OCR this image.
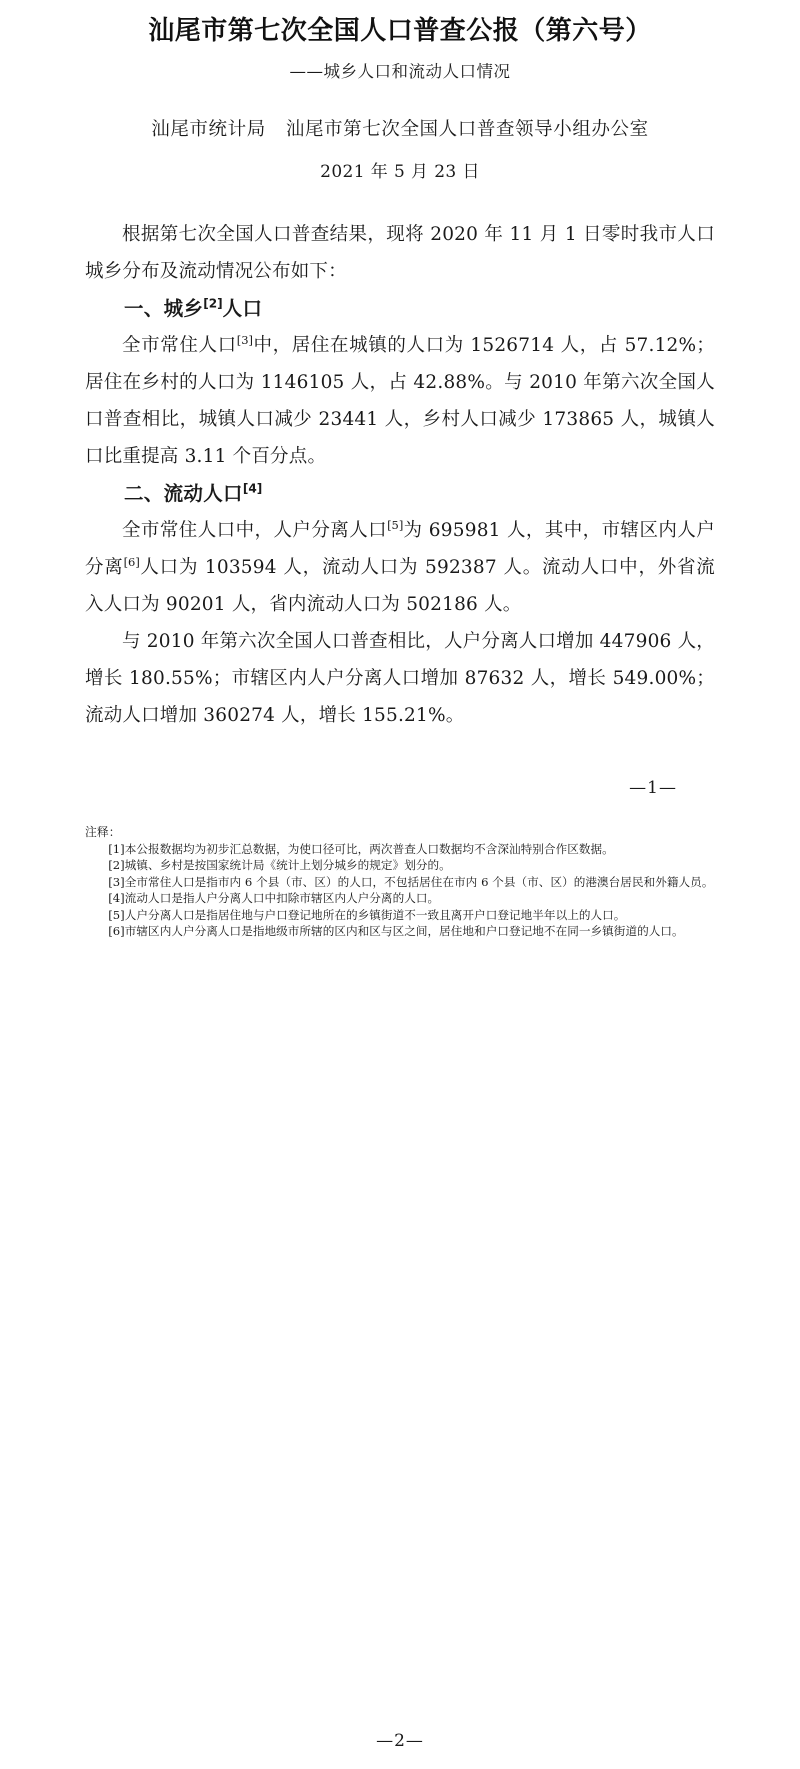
汕尾市第七次全国人口普查公报（第六号）
——城乡人口和流动人口情况
汕尾市统计局 汕尾市第七次全国人口普查领导小组办公室
2021 年 5 月 23 日

根据第七次全国人口普查结果，现将 2020 年 11 月 1 日零时我市人口城乡分布及流动情况公布如下：

一、城乡[2]人口

全市常住人口[3]中，居住在城镇的人口为 1526714 人，占 57.12%；居住在乡村的人口为 1146105 人，占 42.88%。与 2010 年第六次全国人口普查相比，城镇人口减少 23441 人，乡村人口减少 173865 人，城镇人口比重提高 3.11 个百分点。

二、流动人口[4]

全市常住人口中，人户分离人口[5]为 695981 人，其中，市辖区内人户分离[6]人口为 103594 人，流动人口为 592387 人。流动人口中，外省流入人口为 90201 人，省内流动人口为 502186 人。

与 2010 年第六次全国人口普查相比，人户分离人口增加 447906 人，增长 180.55%；市辖区内人户分离人口增加 87632 人，增长 549.00%；流动人口增加 360274 人，增长 155.21%。

—1—
注释：

[1]本公报数据均为初步汇总数据，为使口径可比，两次普查人口数据均不含深汕特别合作区数据。

[2]城镇、乡村是按国家统计局《统计上划分城乡的规定》划分的。

[3]全市常住人口是指市内 6 个县（市、区）的人口，不包括居住在市内 6 个县（市、区）的港澳台居民和外籍人员。

[4]流动人口是指人户分离人口中扣除市辖区内人户分离的人口。

[5]人户分离人口是指居住地与户口登记地所在的乡镇街道不一致且离开户口登记地半年以上的人口。

[6]市辖区内人户分离人口是指地级市所辖的区内和区与区之间，居住地和户口登记地不在同一乡镇街道的人口。

—2—
